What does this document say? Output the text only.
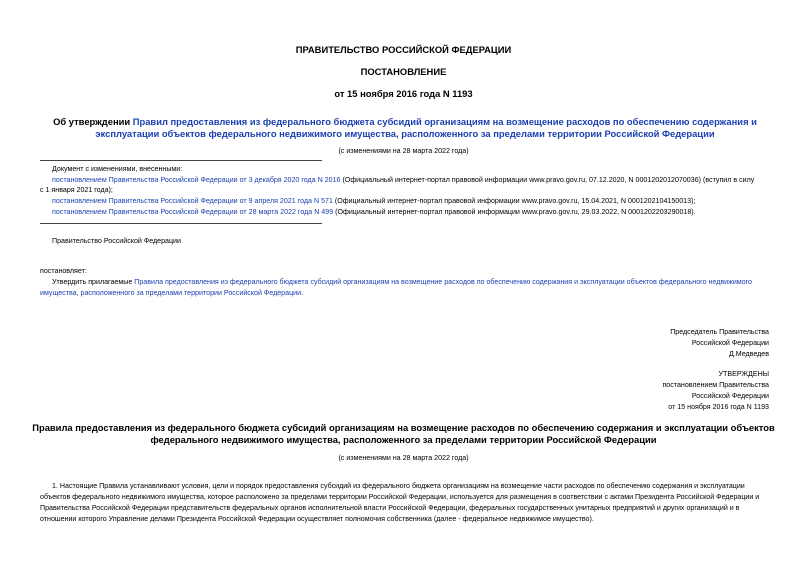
ПРАВИТЕЛЬСТВО РОССИЙСКОЙ ФЕДЕРАЦИИ
ПОСТАНОВЛЕНИЕ
от 15 ноября 2016 года N 1193
Об утверждении Правил предоставления из федерального бюджета субсидий организациям на возмещение расходов по обеспечению содержания и эксплуатации объектов федерального недвижимого имущества, расположенного за пределами территории Российской Федерации
(с изменениями на 28 марта 2022 года)
Документ с изменениями, внесенными:
постановлением Правительства Российской Федерации от 3 декабря 2020 года N 2016 (Официальный интернет-портал правовой информации www.pravo.gov.ru, 07.12.2020, N 0001202012070036) (вступил в силу
с 1 января 2021 года);
постановлением Правительства Российской Федерации от 9 апреля 2021 года N 571 (Официальный интернет-портал правовой информации www.pravo.gov.ru, 15.04.2021, N 0001202104150013);
постановлением Правительства Российской Федерации от 28 марта 2022 года N 499 (Официальный интернет-портал правовой информации www.pravo.gov.ru, 29.03.2022, N 0001202203290018).
Правительство Российской Федерации
постановляет:
Утвердить прилагаемые Правила предоставления из федерального бюджета субсидий организациям на возмещение расходов по обеспечению содержания и эксплуатации объектов федерального недвижимого
имущества, расположенного за пределами территории Российской Федерации.
Председатель Правительства
Российской Федерации
Д.Медведев
УТВЕРЖДЕНЫ
постановлением Правительства
Российской Федерации
от 15 ноября 2016 года N 1193
Правила предоставления из федерального бюджета субсидий организациям на возмещение расходов по обеспечению содержания и эксплуатации объектов
федерального недвижимого имущества, расположенного за пределами территории Российской Федерации
(с изменениями на 28 марта 2022 года)
1. Настоящие Правила устанавливают условия, цели и порядок предоставления субсидий из федерального бюджета организациям на возмещение части расходов по обеспечению содержания и эксплуатации
объектов федерального недвижимого имущества, которое расположено за пределами территории Российской Федерации, используется для размещения в соответствии с актами Президента Российской Федерации и
Правительства Российской Федерации представительств федеральных органов исполнительной власти Российской Федерации, федеральных государственных унитарных предприятий и других организаций и в
отношении которого Управление делами Президента Российской Федерации осуществляет полномочия собственника (далее - федеральное недвижимое имущество).
